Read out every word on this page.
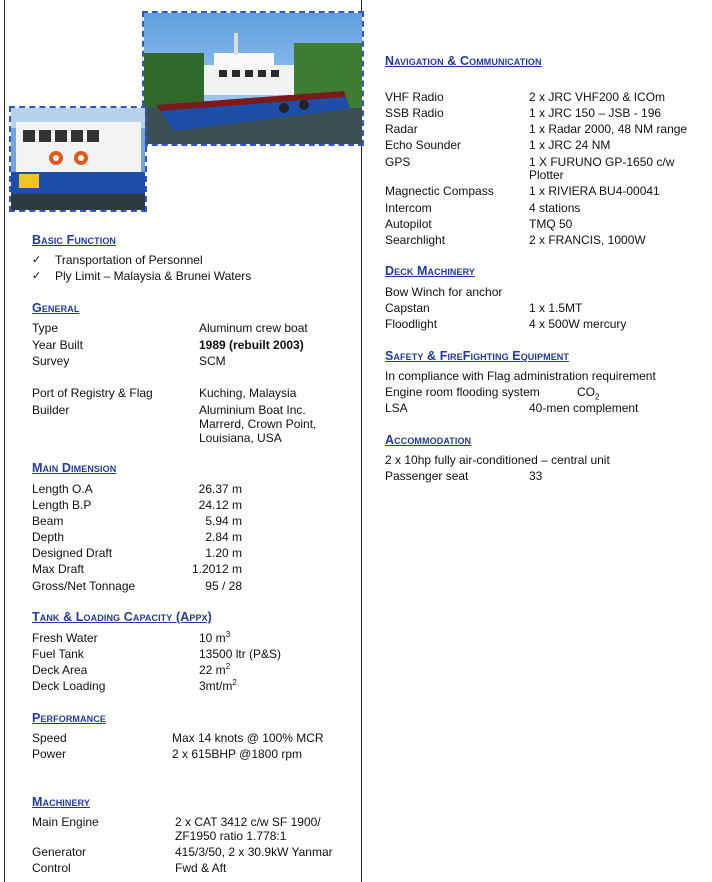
Basic Function
✓ Transportation of Personnel
✓ Ply Limit – Malaysia & Brunei Waters
General
Type	Aluminum crew boat
Year Built	1989 (rebuilt 2003)
Survey	SCM
Port of Registry & Flag	Kuching, Malaysia
Builder	Aluminium Boat Inc.
Marrerd, Crown Point,
Louisiana, USA
Main Dimension
Length O.A	26.37 m
Length B.P	24.12 m
Beam	5.94 m
Depth	2.84 m
Designed Draft	1.20 m
Max Draft	1.2012 m
Gross/Net Tonnage	95 / 28
Tank & Loading Capacity (Appx)
Fresh Water	10 $m^3$
Fuel Tank	13500 ltr (P&S)
Deck Area	22 $m^2$
Deck Loading	$3mt/m^2$
Performance
Speed	Max 14 knots @ 100% MCR
Power	2 x 615BHP @1800 rpm
Machinery
Main Engine	2 x CAT 3412 c/w SF 1900/
ZF1950 ratio 1.778:1
Generator	415/3/50, 2 x 30.9kW Yanmar
Control	Fwd & Aft
Navigation & Communication
VHF Radio	2 x JRC VHF200 & ICOm
SSB Radio	1 x JRC 150 – JSB - 196
Radar	1 x Radar 2000, 48 NM range
Echo Sounder	1 x JRC 24 NM
GPS	1 X FURUNO GP-1650 c/w
Plotter
Magnectic Compass	1 x RIVIERA BU4-00041
Intercom	4 stations
Autopilot	TMQ 50
Searchlight	2 x FRANCIS, 1000W
Deck Machinery
Bow Winch for anchor
Capstan	1 x 1.5MT
Floodlight	4 x 500W mercury
Safety & FireFighting Equipment
In compliance with Flag administration requirement
Engine room flooding system	$CO_2$
LSA	40-men complement
Accommodation
2 x 10hp fully air-conditioned – central unit
Passenger seat	33
